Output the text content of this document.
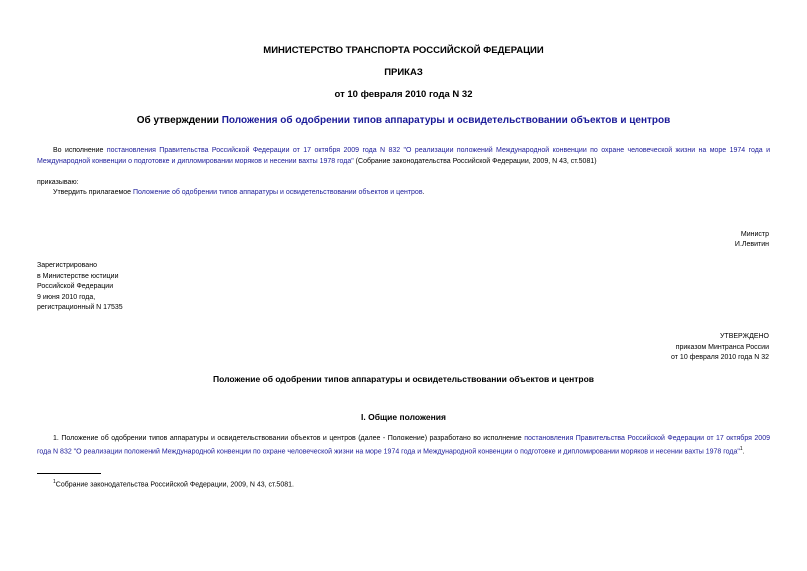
МИНИСТЕРСТВО ТРАНСПОРТА РОССИЙСКОЙ ФЕДЕРАЦИИ
ПРИКАЗ
от 10 февраля 2010 года N 32
Об утверждении Положения об одобрении типов аппаратуры и освидетельствовании объектов и центров
Во исполнение постановления Правительства Российской Федерации от 17 октября 2009 года N 832 "О реализации положений Международной конвенции по охране человеческой жизни на море 1974 года и Международной конвенции о подготовке и дипломировании моряков и несении вахты 1978 года" (Собрание законодательства Российской Федерации, 2009, N 43, ст.5081)
приказываю:
Утвердить прилагаемое Положение об одобрении типов аппаратуры и освидетельствовании объектов и центров.
Министр
И.Левитин
Зарегистрировано
в Министерстве юстиции
Российской Федерации
9 июня 2010 года,
регистрационный N 17535
УТВЕРЖДЕНО
приказом Минтранса России
от 10 февраля 2010 года N 32
Положение об одобрении типов аппаратуры и освидетельствовании объектов и центров
I. Общие положения
1. Положение об одобрении типов аппаратуры и освидетельствовании объектов и центров (далее - Положение) разработано во исполнение постановления Правительства Российской Федерации от 17 октября 2009 года N 832 "О реализации положений Международной конвенции по охране человеческой жизни на море 1974 года и Международной конвенции о подготовке и дипломировании моряков и несении вахты 1978 года"$^1$.
$^1$Собрание законодательства Российской Федерации, 2009, N 43, ст.5081.
